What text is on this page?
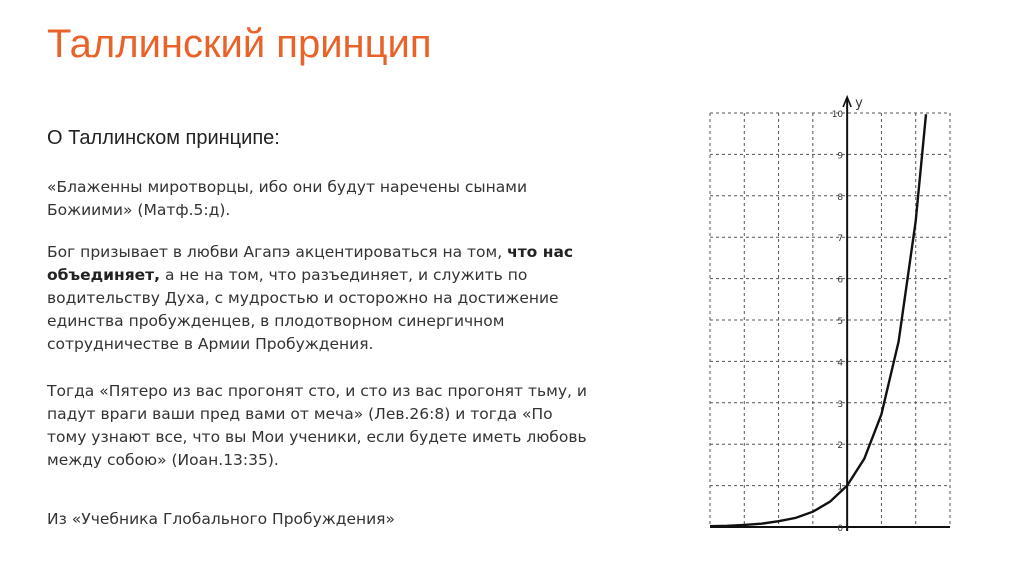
Таллинский принцип
О Таллинском принципе:
«Блаженны миротворцы, ибо они будут наречены сынами Божиими» (Матф.5:д).
Бог призывает в любви Агапэ акцентироваться на том, что нас объединяет, а не на том, что разъединяет, и служить по водительству Духа, с мудростью и осторожно на достижение единства пробужденцев, в плодотворном синергичном сотрудничестве в Армии Пробуждения.
Тогда «Пятеро из вас прогонят сто, и сто из вас прогонят тьму, и падут враги ваши пред вами от меча» (Лев.26:8) и тогда «По тому узнают все, что вы Мои ученики, если будете иметь любовь между собою» (Иоан.13:35).
Из «Учебника Глобального Пробуждения»
0
1
2
3
4
5
6
7
8
9
10
y
